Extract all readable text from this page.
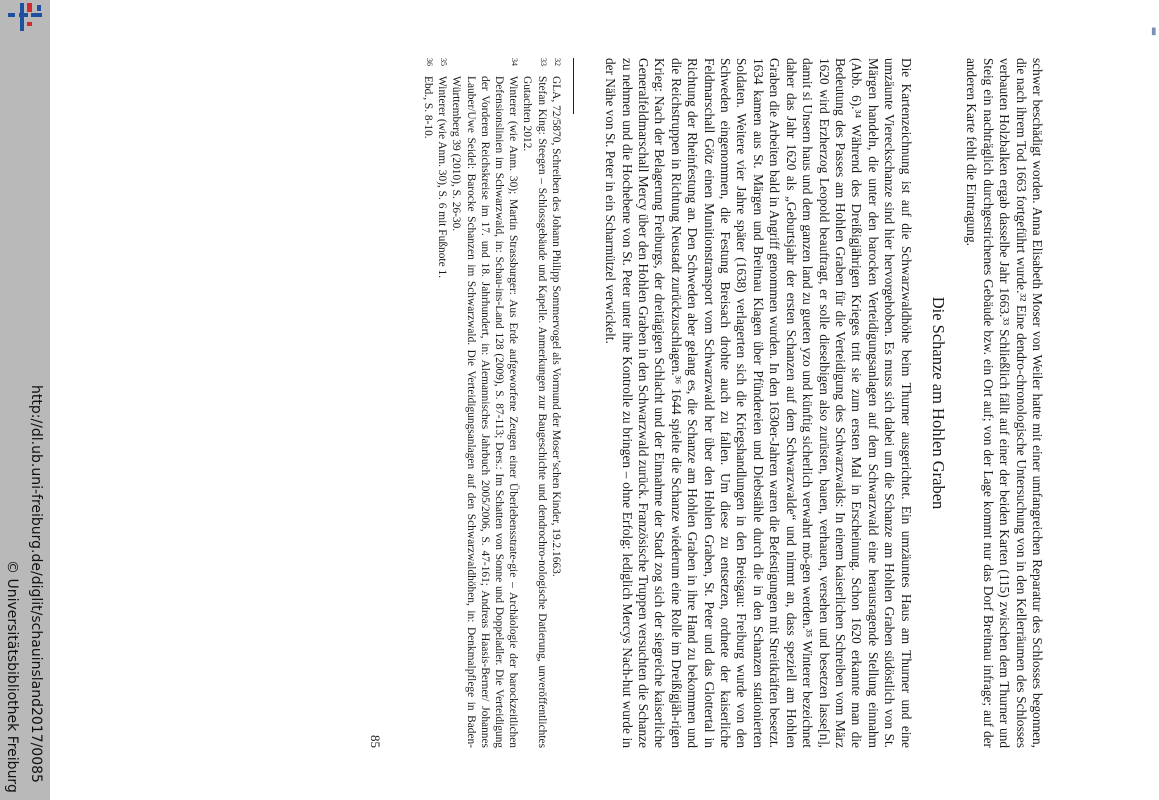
http://dl.ub.uni-freiburg.de/diglit/schauinsland2017/0085
© Universitätsbibliothek Freiburg
▮

schwer beschädigt worden. Anna Elisabeth Moser von Weiler hatte mit einer umfangreichen Reparatur des Schlosses begonnen, die nach ihrem Tod 1663 fortgeführt wurde.³² Eine dendro-chronologische Untersuchung von in den Kellerräumen des Schlosses verbauten Holzbalken ergab dasselbe Jahr 1663.³³ Schließlich fällt auf einer der beiden Karten (115) zwischen dem Thurner und Steig ein nachträglich durchgestrichenes Gebäude bzw. ein Ort auf; von der Lage kommt nur das Dorf Breitnau infrage; auf der anderen Karte fehlt die Eintragung.

Die Schanze am Hohlen Graben

Die Kartenzeichnung ist auf die Schwarzwaldhöhe beim Thurner ausgerichtet. Ein umzäuntes Haus am Thurner und eine umzäunte Viereckschanze sind hier hervorgehoben. Es muss sich dabei um die Schanze am Hohlen Graben südöstlich von St. Märgen handeln, die unter den barocken Verteidigungsanlagen auf dem Schwarzwald eine herausragende Stellung einnahm (Abb. 6).³⁴ Während des Dreißigjährigen Krieges tritt sie zum ersten Mal in Erscheinung. Schon 1620 erkannte man die Bedeutung des Passes am Hohlen Graben für die Verteidigung des Schwarzwalds: In einem kaiserlichen Schreiben vom März 1620 wird Erzherzog Leopold beauftragt, er solle dieselbigen also zurüsten, bauen, verhauen, versehen und besetzen lasse[n], damit si Unsern haus und dem ganzen land zu gueten yzo und künftig sicherlich verwahrt mö-gen werden.³⁵ Winterer bezeichnet daher das Jahr 1620 als „Geburtsjahr der ersten Schanzen auf dem Schwarzwalde“ und nimmt an, dass speziell am Hohlen Graben die Arbeiten bald in Angriff genommen wurden. In den 1630er-Jahren waren die Befestigungen mit Streitkräften besetzt. 1634 kamen aus St. Märgen und Breitnau Klagen über Pfündereien und Diebstähle durch die in den Schanzen stationierten Soldaten. Weitere vier Jahre später (1638) verlagerten sich die Kriegshandlungen in den Breisgau: Freiburg wurde von den Schweden eingenommen, die Festung Breisach drohte auch zu fallen. Um diese zu entsetzen, ordnete der kaiserliche Feldmarschall Götz einen Munitionstransport vom Schwarzwald her über den Hohlen Graben, St. Peter und das Glottertal in Richtung der Rheinfestung an. Den Schweden aber gelang es, die Schanze am Hohlen Graben in ihre Hand zu bekommen und die Reichstruppen in Richtung Neustadt zurückzuschlagen.³⁶ 1644 spielte die Schanze wiederum eine Rolle im Dreißigjäh-rigen Krieg: Nach der Belagerung Freiburgs, der dreitägigen Schlacht und der Einnahme der Stadt zog sich der siegreiche kaiserliche Generalfeldmarschall Mercy über den Hohlen Graben in den Schwarzwald zurück. Französische Truppen versuchten die Schanze zu nehmen und die Hochebene von St. Peter unter ihre Kontrolle zu bringen – ohne Erfolg: lediglich Mercys Nach-hut wurde in der Nähe von St. Peter in ein Scharmützel verwickelt.

32
GLA, 72/5870, Schreiben des Johann Philipp Sommervogel als Vormund der Moser’schen Kinder, 19.2.1663.
33
Stefan King: Steegen – Schlossgebäude und Kapelle. Anmerkungen zur Baugeschichte und dendrochro-nologische Datierung, unveröffentlichtes Gutachten 2012.
34
Winterer (wie Anm. 30); Martin Strassburger: Aus Erde aufgeworfene Zeugen einer Überlebensstrate-gie – Archäologie der barockzeitlichen Defensionslinien im Schwarzwald, in: Schau-ins-Land 128 (2009), S. 87-113; Ders.: Im Schatten von Sonne und Doppeladler. Die Verteidigung der Vorderen Reichskreise im 17. und 18. Jahrhundert, in: Alemannisches Jahrbuch 2005/2006, S. 47-161; Andreas Haasis-Berner/ Johannes Lauber/Uwe Seidel: Barocke Schanzen im Schwarzwald. Die Verteidigungsanlagen auf den Schwarzwaldhöhen, in: Denkmalpflege in Baden-Württemberg 39 (2010), S. 26-30.
35
Winterer (wie Anm. 30), S. 6 mit Fußnote 1.
36
Ebd., S. 8-10.
85
